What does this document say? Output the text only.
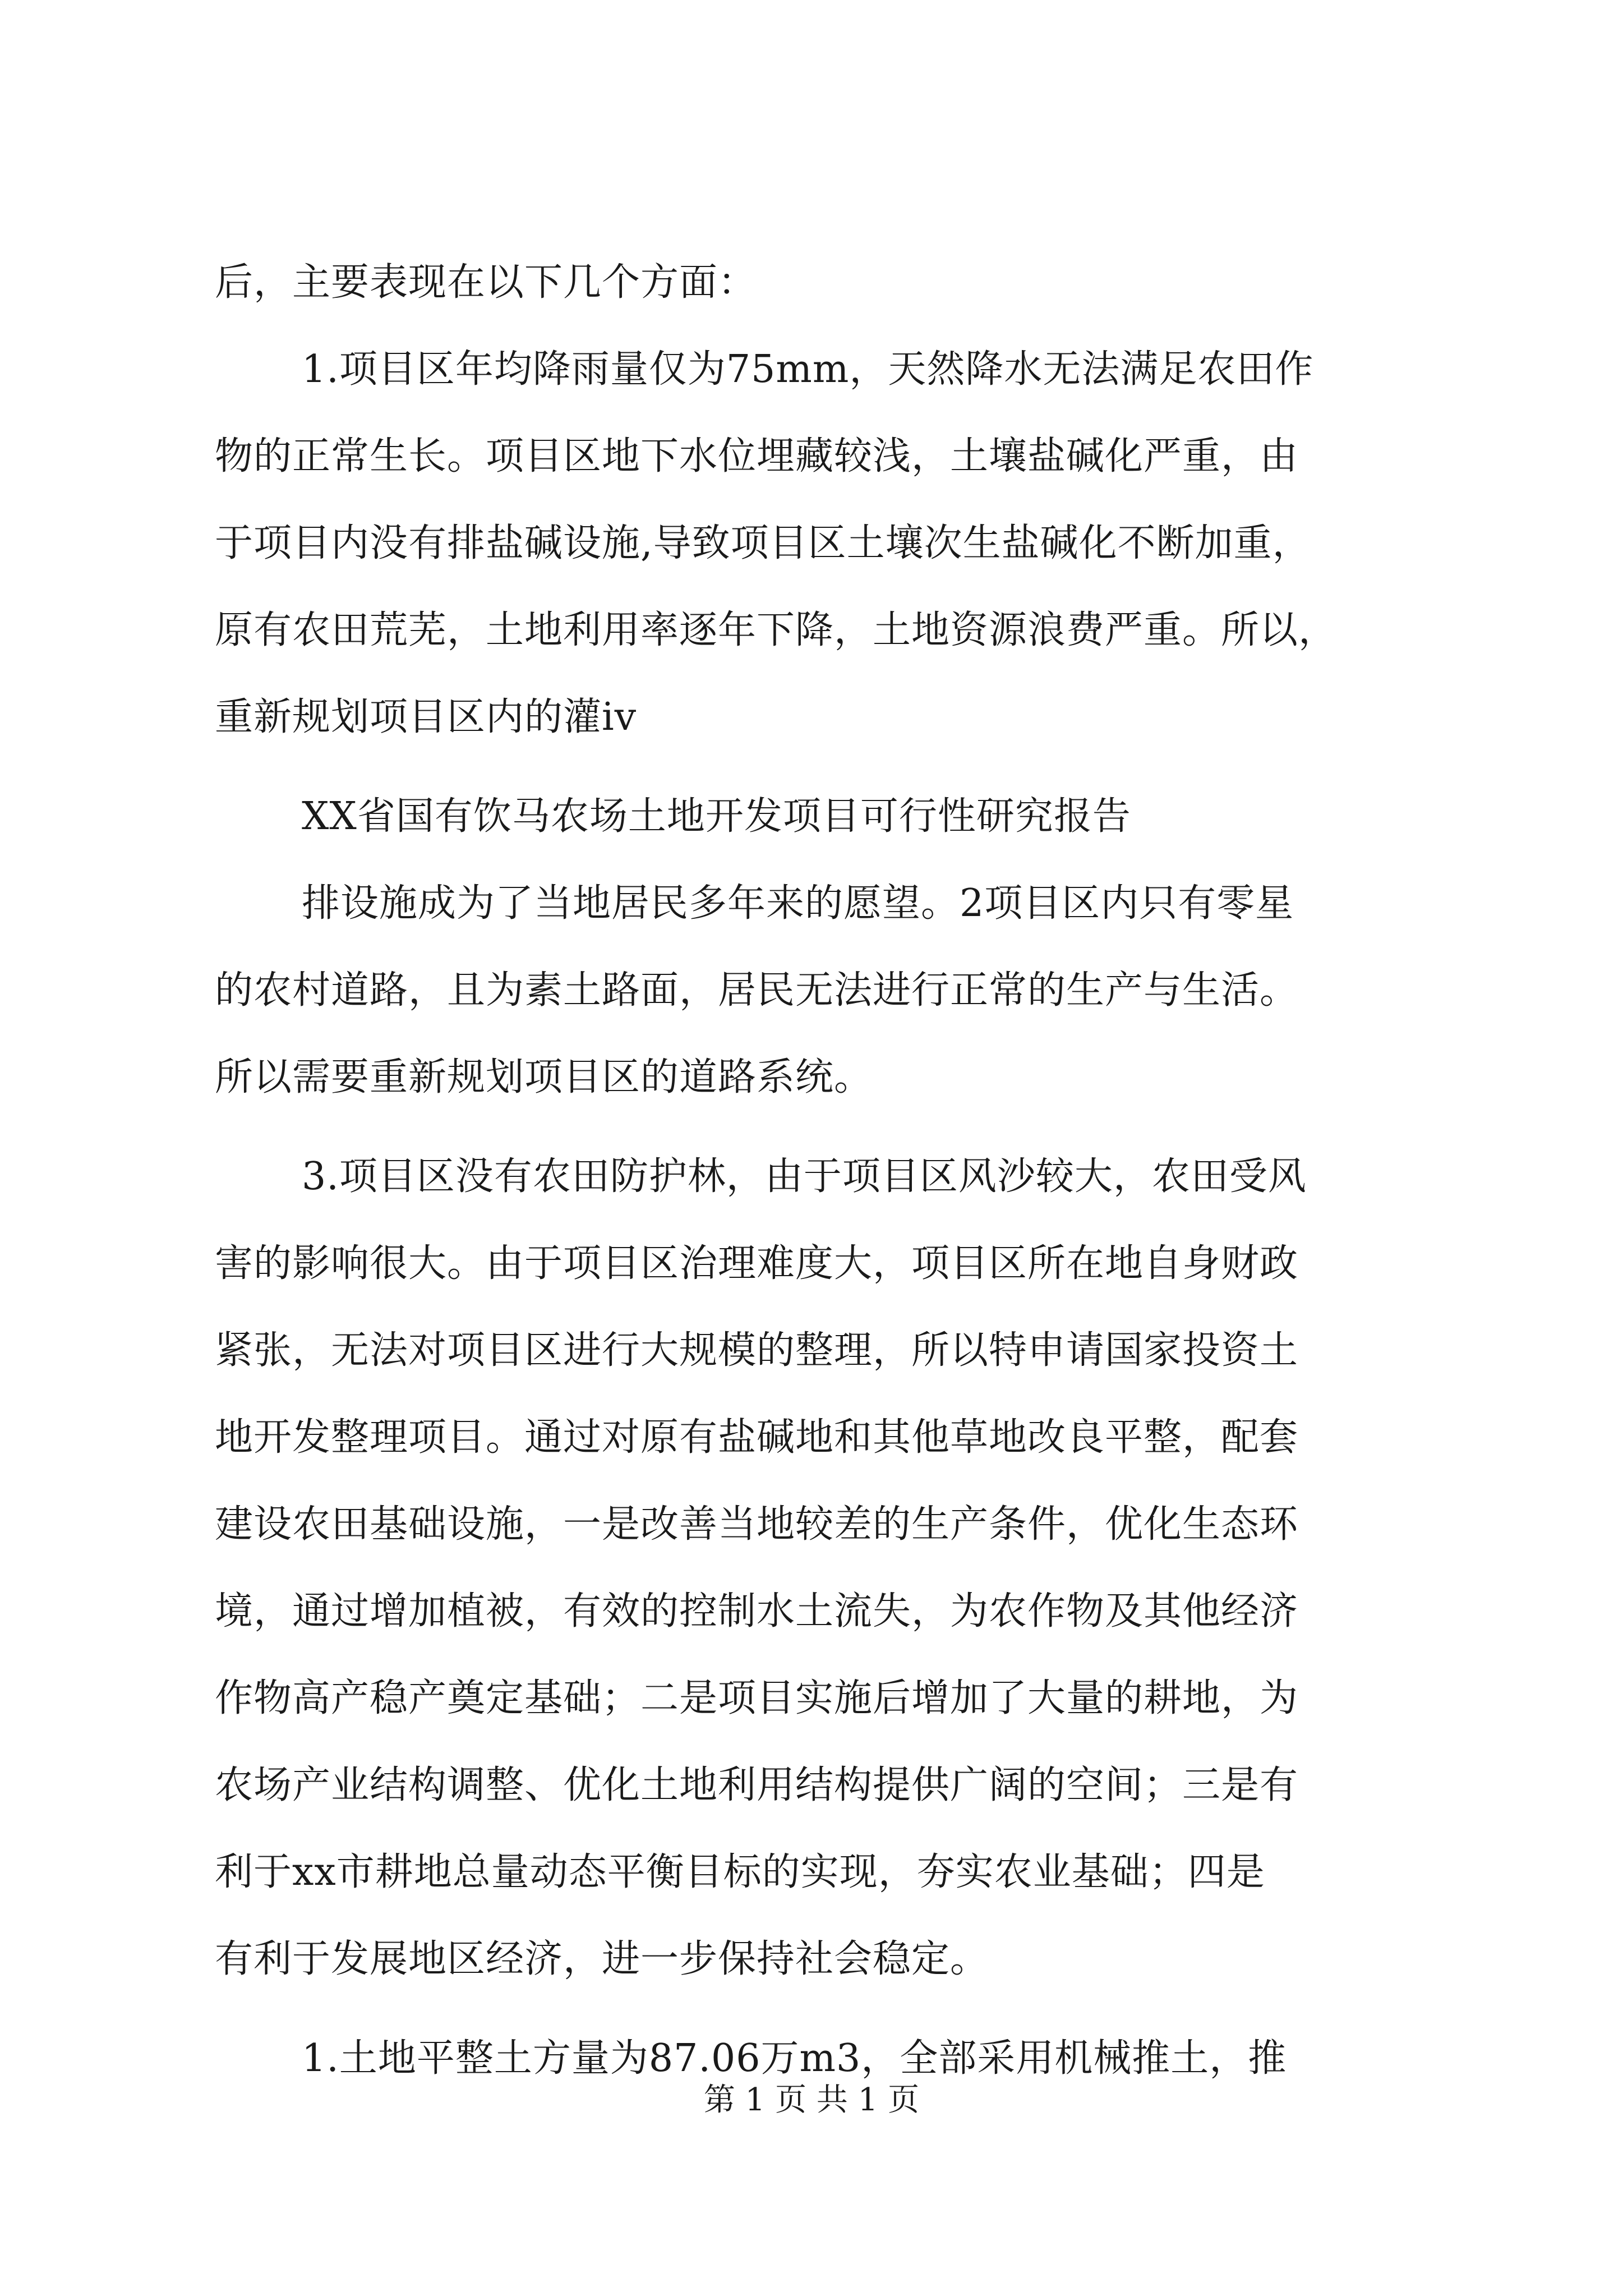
后，主要表现在以下几个方面：

1.项目区年均降雨量仅为75mm，天然降水无法满足农田作

物的正常生长。项目区地下水位埋藏较浅，土壤盐碱化严重，由

于项目内没有排盐碱设施,导致项目区土壤次生盐碱化不断加重，

原有农田荒芜，土地利用率逐年下降，土地资源浪费严重。所以，

重新规划项目区内的灌iv

XX省国有饮马农场土地开发项目可行性研究报告

排设施成为了当地居民多年来的愿望。2项目区内只有零星

的农村道路，且为素土路面，居民无法进行正常的生产与生活。

所以需要重新规划项目区的道路系统。

3.项目区没有农田防护林，由于项目区风沙较大，农田受风

害的影响很大。由于项目区治理难度大，项目区所在地自身财政

紧张，无法对项目区进行大规模的整理，所以特申请国家投资土

地开发整理项目。通过对原有盐碱地和其他草地改良平整，配套

建设农田基础设施，一是改善当地较差的生产条件，优化生态环

境，通过增加植被，有效的控制水土流失，为农作物及其他经济

作物高产稳产奠定基础；二是项目实施后增加了大量的耕地，为

农场产业结构调整、优化土地利用结构提供广阔的空间；三是有

利于xx市耕地总量动态平衡目标的实现，夯实农业基础；四是

有利于发展地区经济，进一步保持社会稳定。

1.土地平整土方量为87.06万m3，全部采用机械推土，推

第 1 页 共 1 页
